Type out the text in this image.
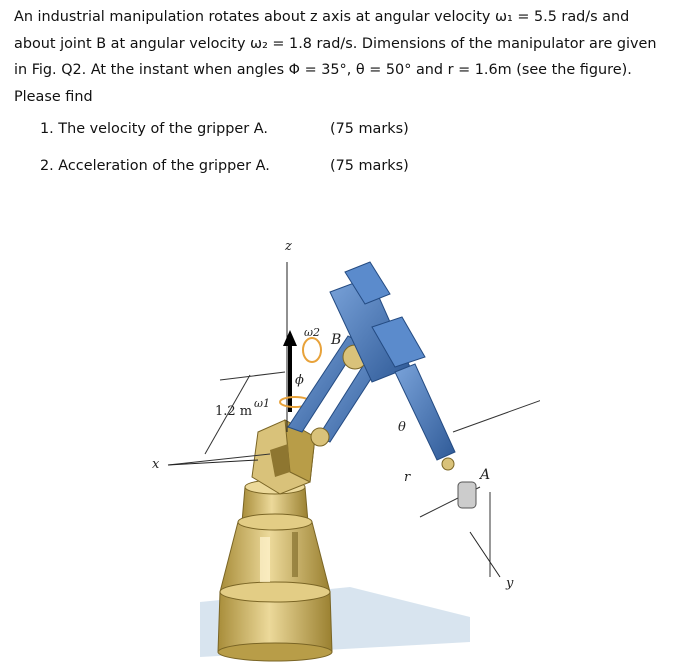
An industrial manipulation rotates about z axis at angular velocity ω₁ = 5.5 rad/s and about joint B at angular velocity ω₂ = 1.8 rad/s. Dimensions of the manipulator are given in Fig. Q2. At the instant when angles Φ = 35°, θ = 50° and r = 1.6m (see the figure). Please find
1. The velocity of the gripper A.	(75 marks)
2. Acceleration of the gripper A.	(75 marks)
z
x
y
B
A
ω1
ω2
ϕ
θ
r
1.2 m
